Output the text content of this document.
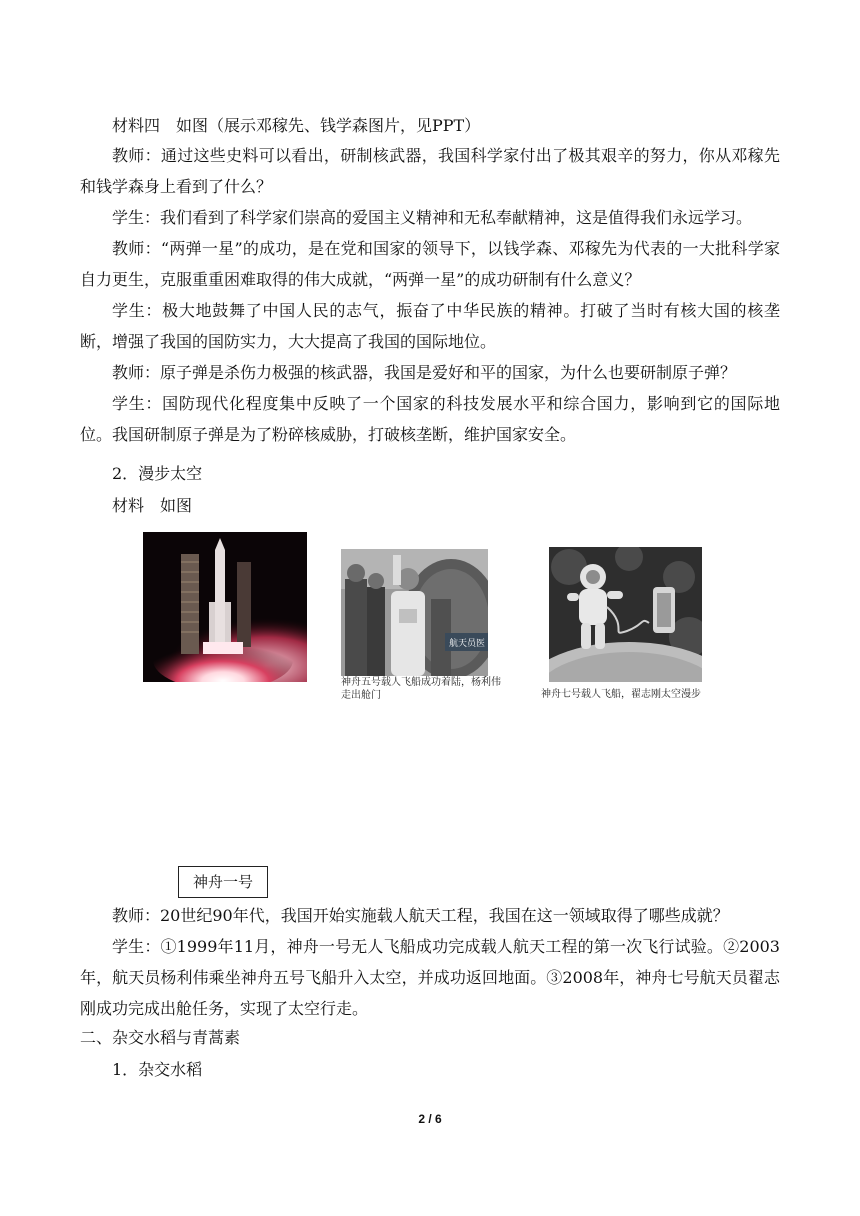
材料四　如图（展示邓稼先、钱学森图片，见PPT）

教师：通过这些史料可以看出，研制核武器，我国科学家付出了极其艰辛的努力，你从邓稼先和钱学森身上看到了什么？

学生：我们看到了科学家们崇高的爱国主义精神和无私奉献精神，这是值得我们永远学习。

教师：“两弹一星”的成功，是在党和国家的领导下，以钱学森、邓稼先为代表的一大批科学家自力更生，克服重重困难取得的伟大成就，“两弹一星”的成功研制有什么意义？

学生：极大地鼓舞了中国人民的志气，振奋了中华民族的精神。打破了当时有核大国的核垄断，增强了我国的国防实力，大大提高了我国的国际地位。

教师：原子弹是杀伤力极强的核武器，我国是爱好和平的国家，为什么也要研制原子弹？

学生：国防现代化程度集中反映了一个国家的科技发展水平和综合国力，影响到它的国际地位。我国研制原子弹是为了粉碎核威胁，打破核垄断，维护国家安全。

2．漫步太空
材料　如图
航天员医
神舟五号载人飞船成功着陆，杨利伟走出舱门	神舟七号载人飞船，翟志刚太空漫步
神舟一号

教师：20世纪90年代，我国开始实施载人航天工程，我国在这一领域取得了哪些成就？

学生：①1999年11月，神舟一号无人飞船成功完成载人航天工程的第一次飞行试验。②2003年，航天员杨利伟乘坐神舟五号飞船升入太空，并成功返回地面。③2008年，神舟七号航天员翟志刚成功完成出舱任务，实现了太空行走。

二、杂交水稻与青蒿素
1．杂交水稻
2 / 6
